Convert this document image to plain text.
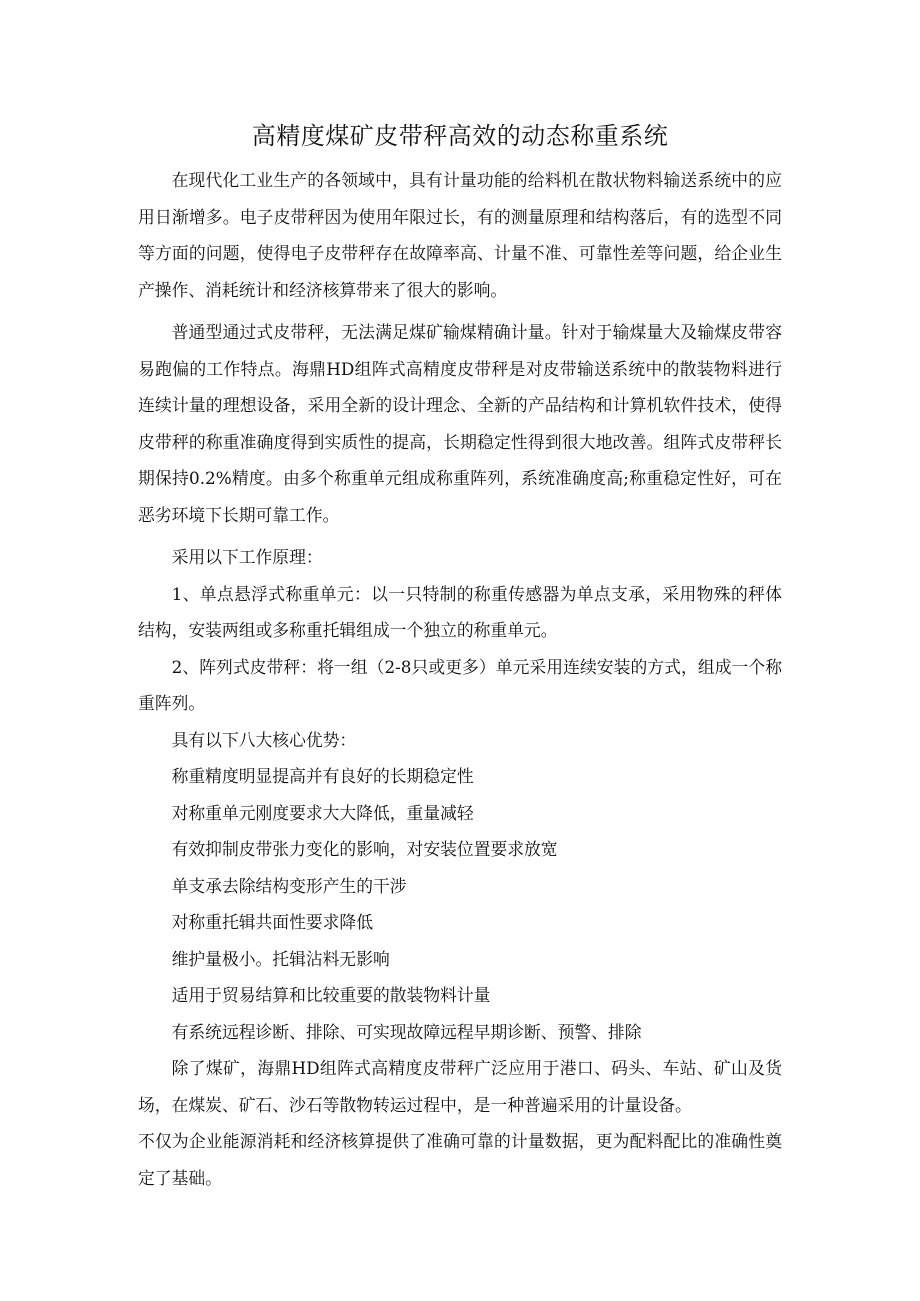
高精度煤矿皮带秤高效的动态称重系统

在现代化工业生产的各领域中，具有计量功能的给料机在散状物料输送系统中的应用日渐增多。电子皮带秤因为使用年限过长，有的测量原理和结构落后，有的选型不同等方面的问题，使得电子皮带秤存在故障率高、计量不准、可靠性差等问题，给企业生产操作、消耗统计和经济核算带来了很大的影响。

普通型通过式皮带秤，无法满足煤矿输煤精确计量。针对于输煤量大及输煤皮带容易跑偏的工作特点。海鼎HD组阵式高精度皮带秤是对皮带输送系统中的散装物料进行连续计量的理想设备，采用全新的设计理念、全新的产品结构和计算机软件技术，使得皮带秤的称重准确度得到实质性的提高，长期稳定性得到很大地改善。组阵式皮带秤长期保持0.2%精度。由多个称重单元组成称重阵列，系统准确度高;称重稳定性好，可在恶劣环境下长期可靠工作。

采用以下工作原理：

1、单点悬浮式称重单元：以一只特制的称重传感器为单点支承，采用物殊的秤体结构，安装两组或多称重托辑组成一个独立的称重单元。

2、阵列式皮带秤：将一组（2-8只或更多）单元采用连续安装的方式，组成一个称重阵列。

具有以下八大核心优势：

称重精度明显提高并有良好的长期稳定性

对称重单元刚度要求大大降低，重量减轻

有效抑制皮带张力变化的影响，对安装位置要求放宽

单支承去除结构变形产生的干涉

对称重托辑共面性要求降低

维护量极小。托辑沾料无影响

适用于贸易结算和比较重要的散装物料计量

有系统远程诊断、排除、可实现故障远程早期诊断、预警、排除

除了煤矿，海鼎HD组阵式高精度皮带秤广泛应用于港口、码头、车站、矿山及货场，在煤炭、矿石、沙石等散物转运过程中，是一种普遍采用的计量设备。

不仅为企业能源消耗和经济核算提供了准确可靠的计量数据，更为配料配比的准确性奠定了基础。
